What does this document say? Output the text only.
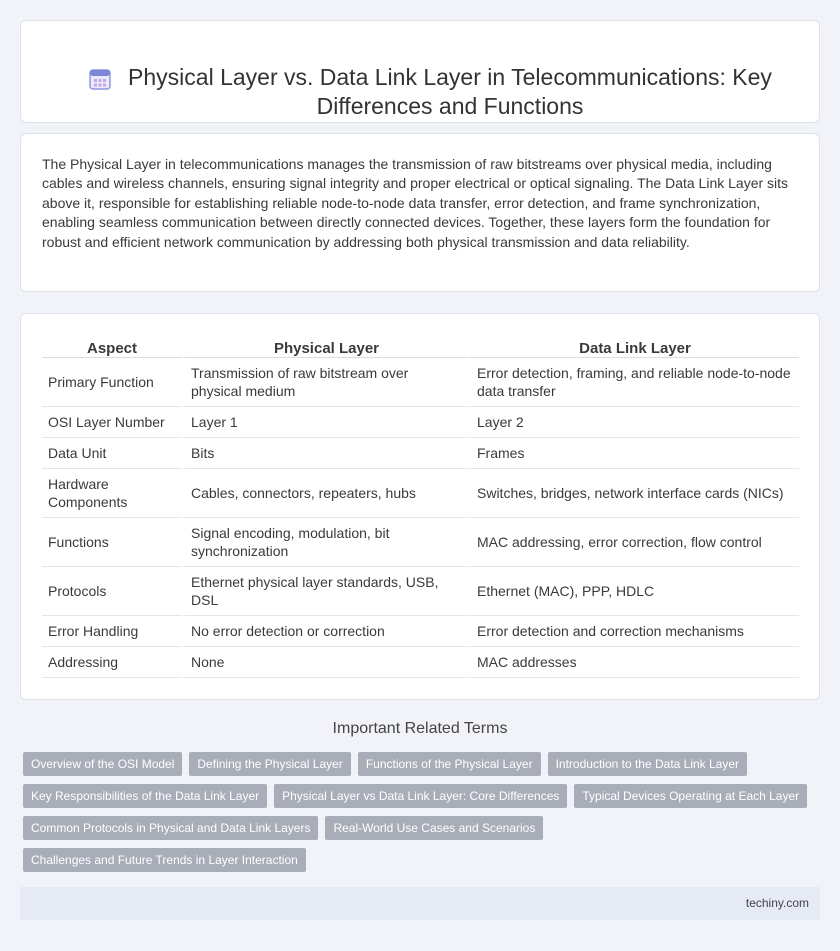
Physical Layer vs. Data Link Layer in Telecommunications: Key Differences and Functions

The Physical Layer in telecommunications manages the transmission of raw bitstreams over physical media, including cables and wireless channels, ensuring signal integrity and proper electrical or optical signaling. The Data Link Layer sits above it, responsible for establishing reliable node-to-node data transfer, error detection, and frame synchronization, enabling seamless communication between directly connected devices. Together, these layers form the foundation for robust and efficient network communication by addressing both physical transmission and data reliability.

Aspect	Physical Layer	Data Link Layer
Primary Function	Transmission of raw bitstream over physical medium	Error detection, framing, and reliable node-to-node data transfer
OSI Layer Number	Layer 1	Layer 2
Data Unit	Bits	Frames
Hardware Components	Cables, connectors, repeaters, hubs	Switches, bridges, network interface cards (NICs)
Functions	Signal encoding, modulation, bit synchronization	MAC addressing, error correction, flow control
Protocols	Ethernet physical layer standards, USB, DSL	Ethernet (MAC), PPP, HDLC
Error Handling	No error detection or correction	Error detection and correction mechanisms
Addressing	None	MAC addresses
Important Related Terms
Overview of the OSI Model	Defining the Physical Layer	Functions of the Physical Layer	Introduction to the Data Link Layer
Key Responsibilities of the Data Link Layer	Physical Layer vs Data Link Layer: Core Differences	Typical Devices Operating at Each Layer
Common Protocols in Physical and Data Link Layers	Real-World Use Cases and Scenarios
Challenges and Future Trends in Layer Interaction
techiny.com
